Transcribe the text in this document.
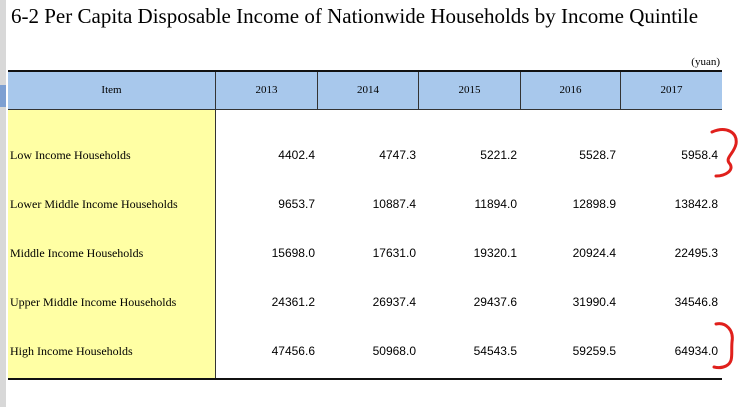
6-2 Per Capita Disposable Income of Nationwide Households by Income Quintile
(yuan)
Item	2013	2014	2015	2016	2017
Low Income Households	4402.4	4747.3	5221.2	5528.7	5958.4
Lower Middle Income Households	9653.7	10887.4	11894.0	12898.9	13842.8
Middle Income Households	15698.0	17631.0	19320.1	20924.4	22495.3
Upper Middle Income Households	24361.2	26937.4	29437.6	31990.4	34546.8
High Income Households	47456.6	50968.0	54543.5	59259.5	64934.0
